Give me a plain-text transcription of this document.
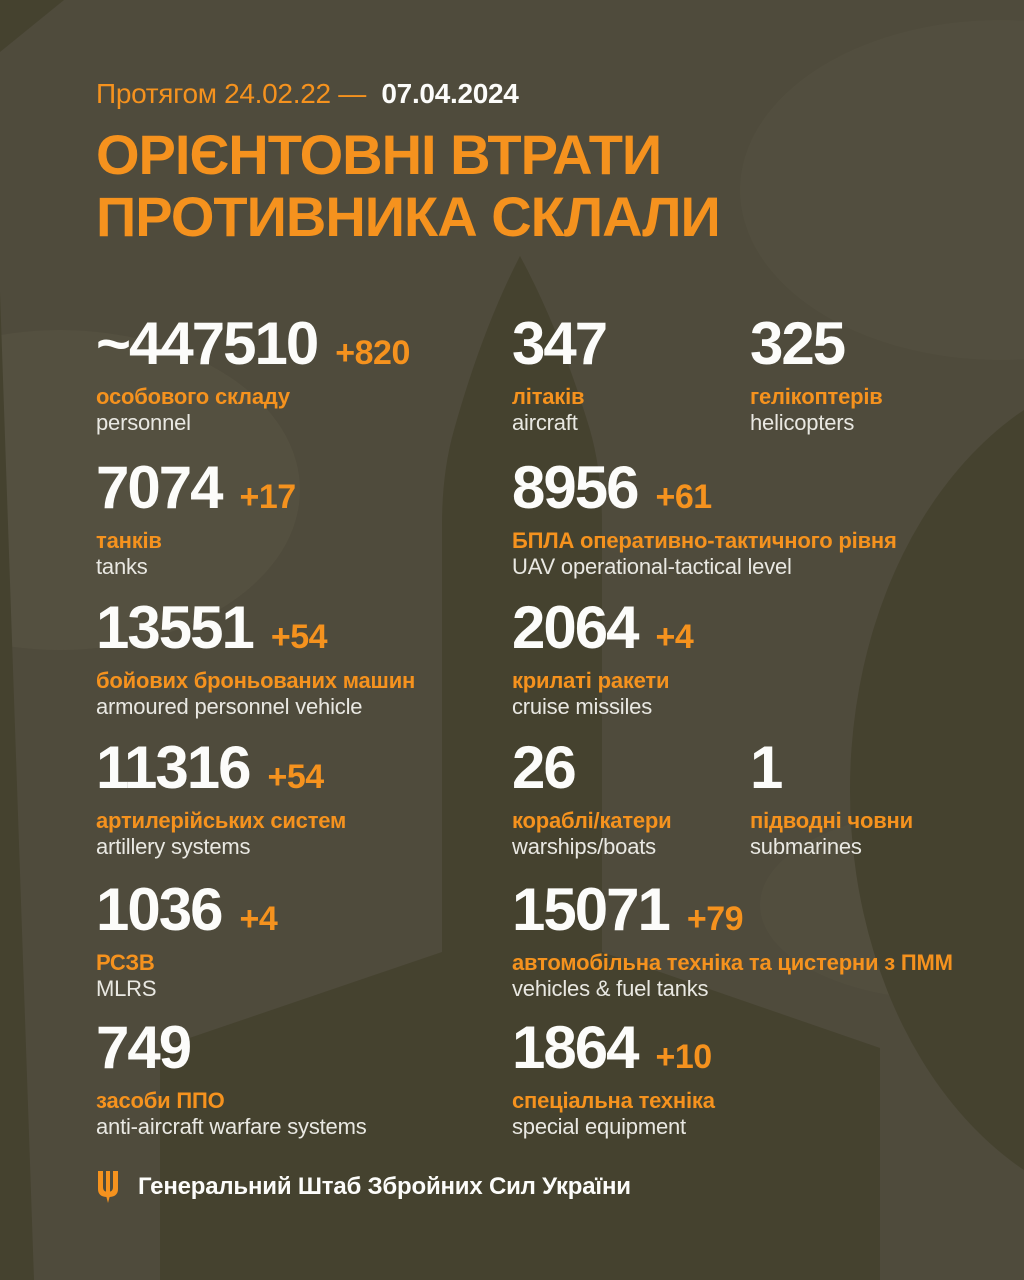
Протягом 24.02.22 — 07.04.2024
ОРІЄНТОВНІ ВТРАТИ
ПРОТИВНИКА СКЛАЛИ
~447510 +820
особового складу
personnel
347
літаків
aircraft
325
гелікоптерів
helicopters
7074 +17
танків
tanks
8956 +61
БПЛА оперативно-тактичного рівня
UAV operational-tactical level
13551 +54
бойових броньованих машин
armoured personnel vehicle
2064 +4
крилаті ракети
cruise missiles
11316 +54
артилерійських систем
artillery systems
26
кораблі/катери
warships/boats
1
підводні човни
submarines
1036 +4
РСЗВ
MLRS
15071 +79
автомобільна техніка та цистерни з ПММ
vehicles & fuel tanks
749
засоби ППО
anti-aircraft warfare systems
1864 +10
спеціальна техніка
special equipment
Генеральний Штаб Збройних Сил України
